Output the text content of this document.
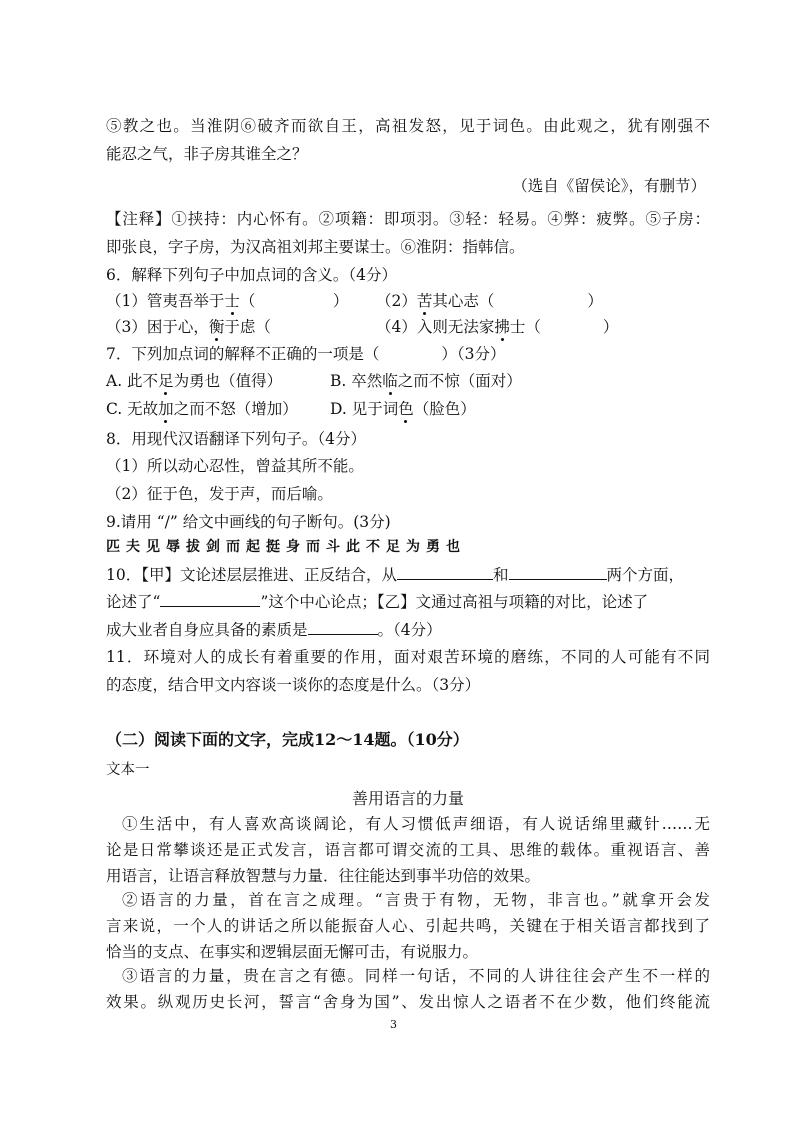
⑤教之也。当淮阴⑥破齐而欲自王，高祖发怒，见于词色。由此观之，犹有刚强不
能忍之气，非子房其谁全之？
（选自《留侯论》，有删节）
【注释】①挟持：内心怀有。②项籍：即项羽。③轻：轻易。④弊：疲弊。⑤子房：
即张良，字子房，为汉高祖刘邦主要谋士。⑥淮阴：指韩信。
6．解释下列句子中加点词的含义。（4分）
（1）管夷吾举于士（　　　　　） （2）苦其心志（　　　　　　）
（3）困于心，衡于虑（	（4）入则无法家拂士（　　　　）
7．下列加点词的解释不正确的一项是（　　　　）（3分）
A. 此不足为勇也（值得）	B. 卒然临之而不惊（面对）
C. 无故加之而不怒（增加） D. 见于词色（脸色）
8．用现代汉语翻译下列句子。（4分）
（1）所以动心忍性，曾益其所不能。
（2）征于色，发于声，而后喻。
9.请用 “/” 给文中画线的句子断句。(3分)
匹夫见辱拔剑而起挺身而斗此不足为勇也
10．【甲】文论述层层推进、正反结合，从	和	两个方面，
论述了“	”这个中心论点；【乙】文通过高祖与项籍的对比，论述了
成大业者自身应具备的素质是	。（4分）
11．环境对人的成长有着重要的作用，面对艰苦环境的磨练，不同的人可能有不同
的态度，结合甲文内容谈一谈你的态度是什么。（3分）
（二）阅读下面的文字，完成12～14题。（10分）
文本一
善用语言的力量
①生活中，有人喜欢高谈阔论，有人习惯低声细语，有人说话绵里藏针……无
论是日常攀谈还是正式发言，语言都可谓交流的工具、思维的载体。重视语言、善
用语言，让语言释放智慧与力量．往往能达到事半功倍的效果。
②语言的力量，首在言之成理。“言贵于有物，无物，非言也。”就拿开会发
言来说，一个人的讲话之所以能振奋人心、引起共鸣，关键在于相关语言都找到了
恰当的支点、在事实和逻辑层面无懈可击，有说服力。
③语言的力量，贵在言之有德。同样一句话，不同的人讲往往会产生不一样的
效果。纵观历史长河，誓言“舍身为国”、发出惊人之语者不在少数，他们终能流
3
